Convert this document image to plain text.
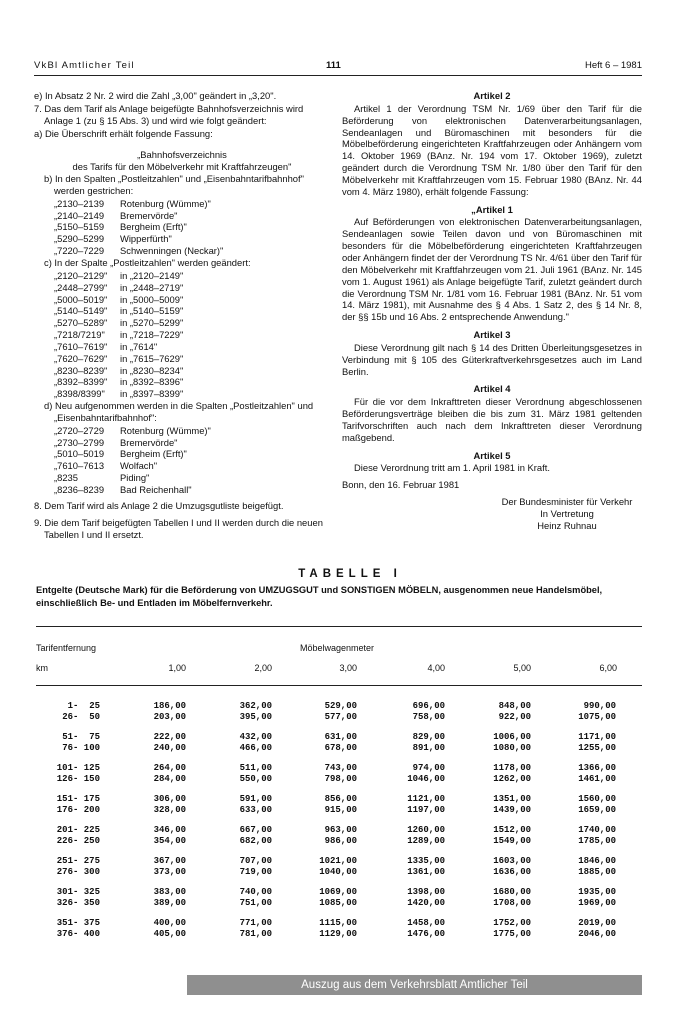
VkBl Amtlicher Teil	111	Heft 6 – 1981
e) In Absatz 2 Nr. 2 wird die Zahl „3,00" geändert in „3,20".
7. Das dem Tarif als Anlage beigefügte Bahnhofsverzeichnis wird Anlage 1 (zu § 15 Abs. 3) und wird wie folgt geändert:
a) Die Überschrift erhält folgende Fassung:
„Bahnhofsverzeichnis
des Tarifs für den Möbelverkehr mit Kraftfahrzeugen"
b) In den Spalten „Postleitzahlen" und „Eisenbahntarifbahnhof" werden gestrichen:
„2130–2139	Rotenburg (Wümme)"
„2140–2149	Bremervörde"
„5150–5159	Bergheim (Erft)"
„5290–5299	Wipperfürth"
„7220–7229	Schwenningen (Neckar)"
c) In der Spalte „Postleitzahlen" werden geändert:
„2120–2129"	in „2120–2149"
„2448–2799"	in „2448–2719"
„5000–5019"	in „5000–5009"
„5140–5149"	in „5140–5159"
„5270–5289"	in „5270–5299"
„7218/7219"	in „7218–7229"
„7610–7619"	in „7614"
„7620–7629"	in „7615–7629"
„8230–8239"	in „8230–8234"
„8392–8399"	in „8392–8396"
„8398/8399"	in „8397–8399"
d) Neu aufgenommen werden in die Spalten „Postleitzahlen" und „Eisenbahntarifbahnhof":
„2720–2729	Rotenburg (Wümme)"
„2730–2799	Bremervörde"
„5010–5019	Bergheim (Erft)"
„7610–7613	Wolfach"
„8235	Piding"
„8236–8239	Bad Reichenhall"
8. Dem Tarif wird als Anlage 2 die Umzugsgutliste beigefügt.
9. Die dem Tarif beigefügten Tabellen I und II werden durch die neuen Tabellen I und II ersetzt.
Artikel 2
Artikel 1 der Verordnung TSM Nr. 1/69 über den Tarif für die Beförderung von elektronischen Datenverarbeitungsanlagen, Sendeanlagen und Büromaschinen mit besonders für die Möbelbeförderung eingerichteten Kraftfahrzeugen oder Anhängern vom 14. Oktober 1969 (BAnz. Nr. 194 vom 17. Oktober 1969), zuletzt geändert durch die Verordnung TSM Nr. 1/80 über den Tarif für den Möbelverkehr mit Kraftfahrzeugen vom 15. Februar 1980 (BAnz. Nr. 44 vom 4. März 1980), erhält folgende Fassung:
„Artikel 1
Auf Beförderungen von elektronischen Datenverarbeitungsanlagen, Sendeanlagen sowie Teilen davon und von Büromaschinen mit besonders für die Möbelbeförderung eingerichteten Kraftfahrzeugen oder Anhängern findet der der Verordnung TS Nr. 4/61 über den Tarif für den Möbelverkehr mit Kraftfahrzeugen vom 21. Juli 1961 (BAnz. Nr. 145 vom 1. August 1961) als Anlage beigefügte Tarif, zuletzt geändert durch die Verordnung TSM Nr. 1/81 vom 16. Februar 1981 (BAnz. Nr. 51 vom 14. März 1981), mit Ausnahme des § 4 Abs. 1 Satz 2, des § 14 Nr. 8, der §§ 15b und 16 Abs. 2 entsprechende Anwendung."
Artikel 3
Diese Verordnung gilt nach § 14 des Dritten Überleitungsgesetzes in Verbindung mit § 105 des Güterkraftverkehrsgesetzes auch im Land Berlin.
Artikel 4
Für die vor dem Inkrafttreten dieser Verordnung abgeschlossenen Beförderungsverträge bleiben die bis zum 31. März 1981 geltenden Tarifvorschriften auch nach dem Inkrafttreten dieser Verordnung maßgebend.
Artikel 5
Diese Verordnung tritt am 1. April 1981 in Kraft.
Bonn, den 16. Februar 1981
Der Bundesminister für Verkehr
In Vertretung
Heinz Ruhnau
TABELLE I
Entgelte (Deutsche Mark) für die Beförderung von UMZUGSGUT und SONSTIGEN MÖBELN, ausgenommen neue Handelsmöbel, einschließlich Be- und Entladen im Möbelfernverkehr.
Tarifentfernung	Möbelwagenmeter
km	1,00	2,00	3,00	4,00	5,00	6,00
1-  25	186,00	362,00	529,00	696,00	848,00	990,00
26-  50	203,00	395,00	577,00	758,00	922,00	1075,00
51-  75	222,00	432,00	631,00	829,00	1006,00	1171,00
76- 100	240,00	466,00	678,00	891,00	1080,00	1255,00
101- 125	264,00	511,00	743,00	974,00	1178,00	1366,00
126- 150	284,00	550,00	798,00	1046,00	1262,00	1461,00
151- 175	306,00	591,00	856,00	1121,00	1351,00	1560,00
176- 200	328,00	633,00	915,00	1197,00	1439,00	1659,00
201- 225	346,00	667,00	963,00	1260,00	1512,00	1740,00
226- 250	354,00	682,00	986,00	1289,00	1549,00	1785,00
251- 275	367,00	707,00	1021,00	1335,00	1603,00	1846,00
276- 300	373,00	719,00	1040,00	1361,00	1636,00	1885,00
301- 325	383,00	740,00	1069,00	1398,00	1680,00	1935,00
326- 350	389,00	751,00	1085,00	1420,00	1708,00	1969,00
351- 375	400,00	771,00	1115,00	1458,00	1752,00	2019,00
376- 400	405,00	781,00	1129,00	1476,00	1775,00	2046,00
Auszug aus dem Verkehrsblatt Amtlicher Teil
